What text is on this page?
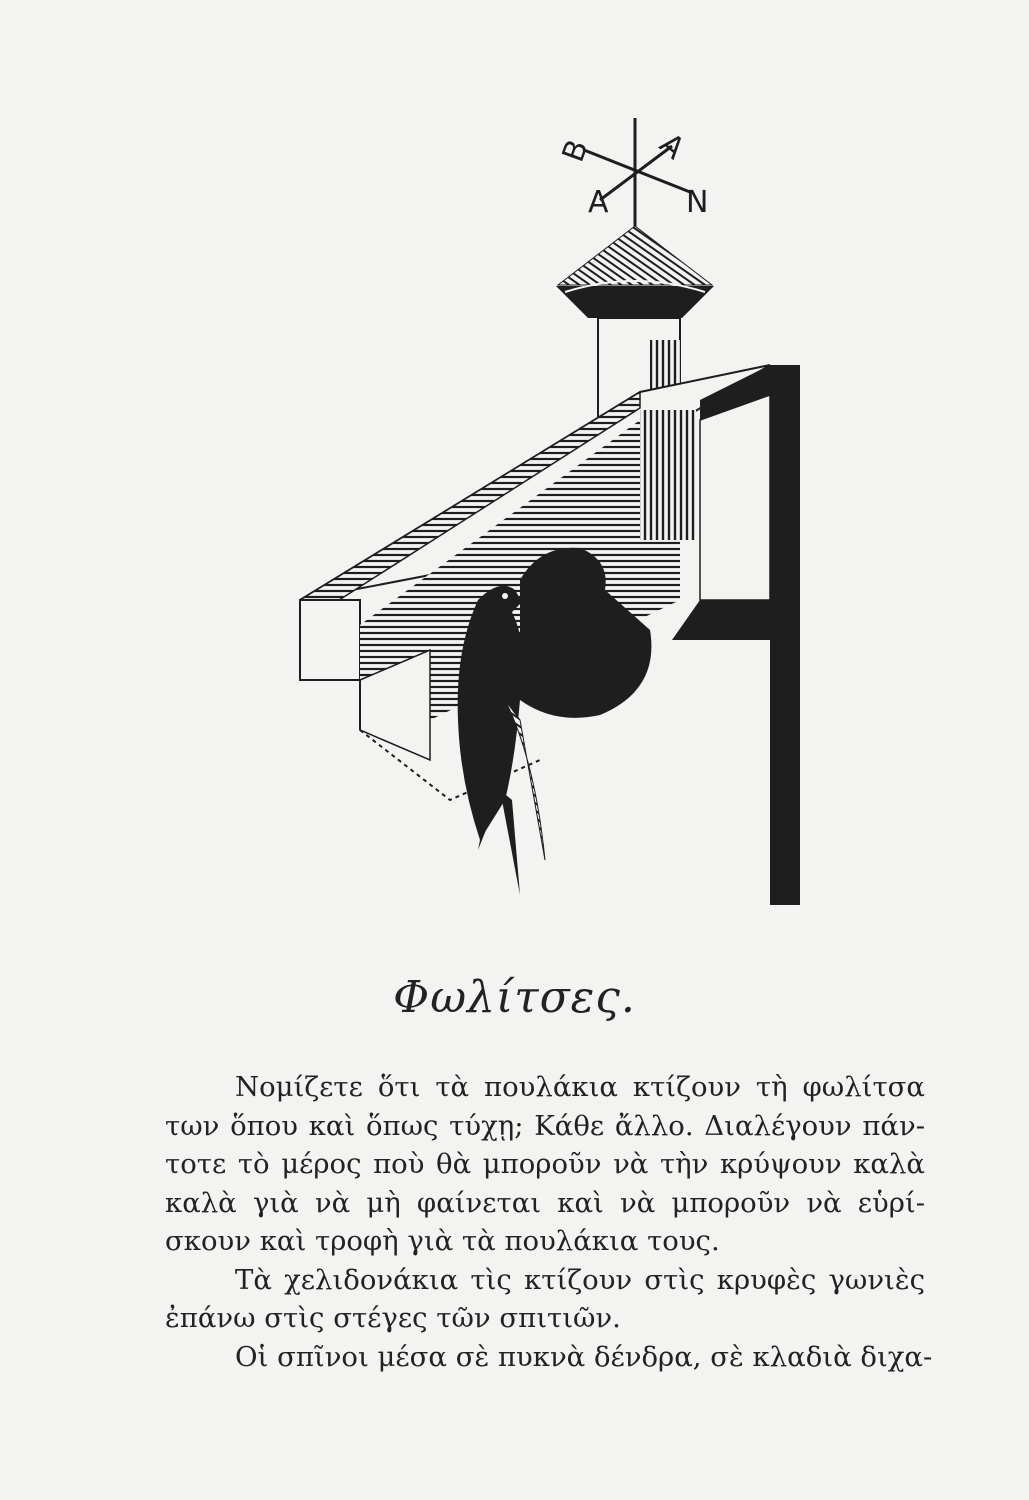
B
A
A
N
Φωλίτσες.
Νομίζετε ὅτι τὰ πουλάκια κτίζουν τὴ φωλίτσα
των ὅπου καὶ ὅπως τύχῃ; Κάθε ἄλλο. Διαλέγουν πάν-
τοτε τὸ μέρος ποὺ θὰ μποροῦν νὰ τὴν κρύψουν καλὰ
καλὰ γιὰ νὰ μὴ φαίνεται καὶ νὰ μποροῦν νὰ εὑρί-
σκουν καὶ τροφὴ γιὰ τὰ πουλάκια τους.
Τὰ χελιδονάκια τὶς κτίζουν στὶς κρυφὲς γωνιὲς
ἐπάνω στὶς στέγες τῶν σπιτιῶν.
Οἱ σπῖνοι μέσα σὲ πυκνὰ δένδρα, σὲ κλαδιὰ διχα-
